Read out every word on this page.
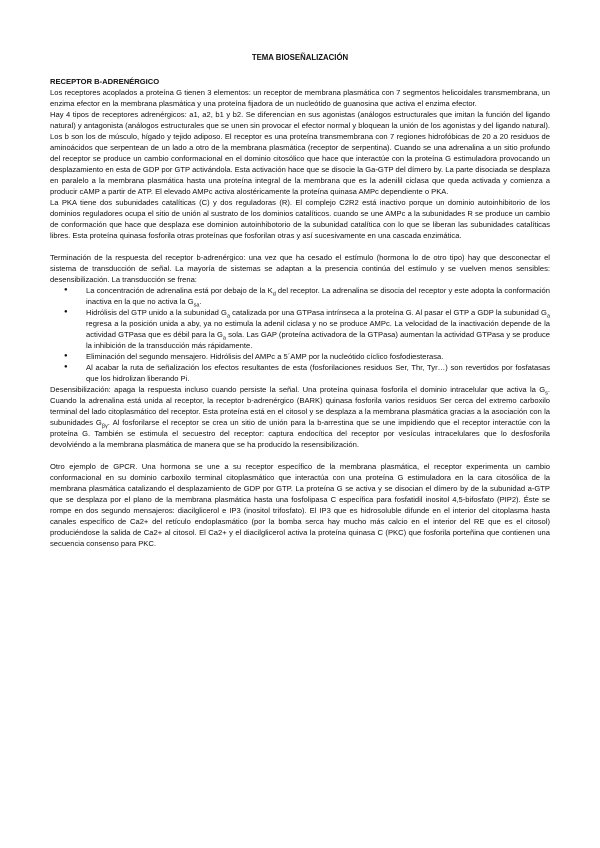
TEMA BIOSEÑALIZACIÓN
RECEPTOR B-ADRENÉRGICO

Los receptores acoplados a proteína G tienen 3 elementos: un receptor de membrana plasmática con 7 segmentos helicoidales transmembrana, un enzima efector en la membrana plasmática y una proteína fijadora de un nucleótido de guanosina que activa el enzima efector.

Hay 4 tipos de receptores adrenérgicos: a1, a2, b1 y b2. Se diferencian en sus agonistas (análogos estructurales que imitan la función del ligando natural) y antagonista (análogos estructurales que se unen sin provocar el efector normal y bloquean la unión de los agonistas y del ligando natural). Los b son los de músculo, hígado y tejido adiposo. El receptor es una proteína transmembrana con 7 regiones hidrofóbicas de 20 a 20 residuos de aminoácidos que serpentean de un lado a otro de la membrana plasmática (receptor de serpentina). Cuando se una adrenalina a un sitio profundo del receptor se produce un cambio conformacional en el dominio citosólico que hace que interactúe con la proteína G estimuladora provocando un desplazamiento en esta de GDP por GTP activándola. Esta activación hace que se disocie la Ga-GTP del dímero by. La parte disociada se desplaza en paralelo a la membrana plasmática hasta una proteína integral de la membrana que es la adenilil ciclasa que queda activada y comienza a producir cAMP a partir de ATP. El elevado AMPc activa alostéricamente la proteína quinasa AMPc dependiente o PKA.

La PKA tiene dos subunidades catalíticas (C) y dos reguladoras (R). El complejo C2R2 está inactivo porque un dominio autoinhibitorio de los dominios reguladores ocupa el sitio de unión al sustrato de los dominios catalíticos. cuando se une AMPc a la subunidades R se produce un cambio de conformación que hace que desplaza ese dominion autoinhibotorio de la subunidad catalítica con lo que se liberan las subunidades catalíticas libres. Esta proteína quinasa fosforila otras proteínas que fosforilan otras y así sucesivamente en una cascada enzimática.

Terminación de la respuesta del receptor b-adrenérgico: una vez que ha cesado el estímulo (hormona lo de otro tipo) hay que desconectar el sistema de transducción de señal. La mayoría de sistemas se adaptan a la presencia continúa del estímulo y se vuelven menos sensibles: desensibilización. La transducción se frena:

● La concentración de adrenalina está por debajo de la $K_d$ del receptor. La adrenalina se disocia del receptor y este adopta la conformación inactiva en la que no activa la $G_{sa}$.
● Hidrólisis del GTP unido a la subunidad $G_a$ catalizada por una GTPasa intrínseca a la proteína G. Al pasar el GTP a GDP la subunidad $G_a$ regresa a la posición unida a aby, ya no estimula la adenil ciclasa y no se produce AMPc. La velocidad de la inactivación depende de la actividad GTPasa que es débil para la $G_a$ sola. Las GAP (proteína activadora de la GTPasa) aumentan la actividad GTPasa y se produce la inhibición de la transducción más rápidamente.
● Eliminación del segundo mensajero. Hidrólisis del AMPc a 5´AMP por la nucleótido cíclico fosfodiesterasa.
● Al acabar la ruta de señalización los efectos resultantes de esta (fosforilaciones residuos Ser, Thr, Tyr…) son revertidos por fosfatasas que los hidrolizan liberando Pi.

Desensibilización: apaga la respuesta incluso cuando persiste la señal. Una proteína quinasa fosforila el dominio intracelular que activa la $G_s$. Cuando la adrenalina está unida al receptor, la receptor b-adrenérgico (BARK) quinasa fosforila varios residuos Ser cerca del extremo carboxilo terminal del lado citoplasmático del receptor. Esta proteína está en el citosol y se desplaza a la membrana plasmática gracias a la asociación con la subunidades $G_{\beta\gamma}$. Al fosforilarse el receptor se crea un sitio de unión para la b-arrestina que se une impidiendo que el receptor interactúe con la proteína G. También se estimula el secuestro del receptor: captura endocítica del receptor por vesículas intracelulares que lo desfosforila devolviéndo a la membrana plasmática de manera que se ha producido la resensibilización.

Otro ejemplo de GPCR. Una hormona se une a su receptor específico de la membrana plasmática, el receptor experimenta un cambio conformacional en su dominio carboxilo terminal citoplasmático que interactúa con una proteína G estimuladora en la cara citosólica de la membrana plasmática catalizando el desplazamiento de GDP por GTP. La proteína G se activa y se disocian el dímero by de la subunidad a-GTP que se desplaza por el plano de la membrana plasmática hasta una fosfolipasa C específica para fosfatidil inositol 4,5-bifosfato (PIP2). Éste se rompe en dos segundo mensajeros: diacilglicerol e IP3 (inositol trifosfato). El IP3 que es hidrosoluble difunde en el interior del citoplasma hasta canales específico de Ca2+ del retículo endoplasmático (por la bomba serca hay mucho más calcio en el interior del RE que es el citosol) produciéndose la salida de Ca2+ al citosol. El Ca2+ y el diacilglicerol activa la proteína quinasa C (PKC) que fosforila porteñina que contienen una secuencia consenso para PKC.
